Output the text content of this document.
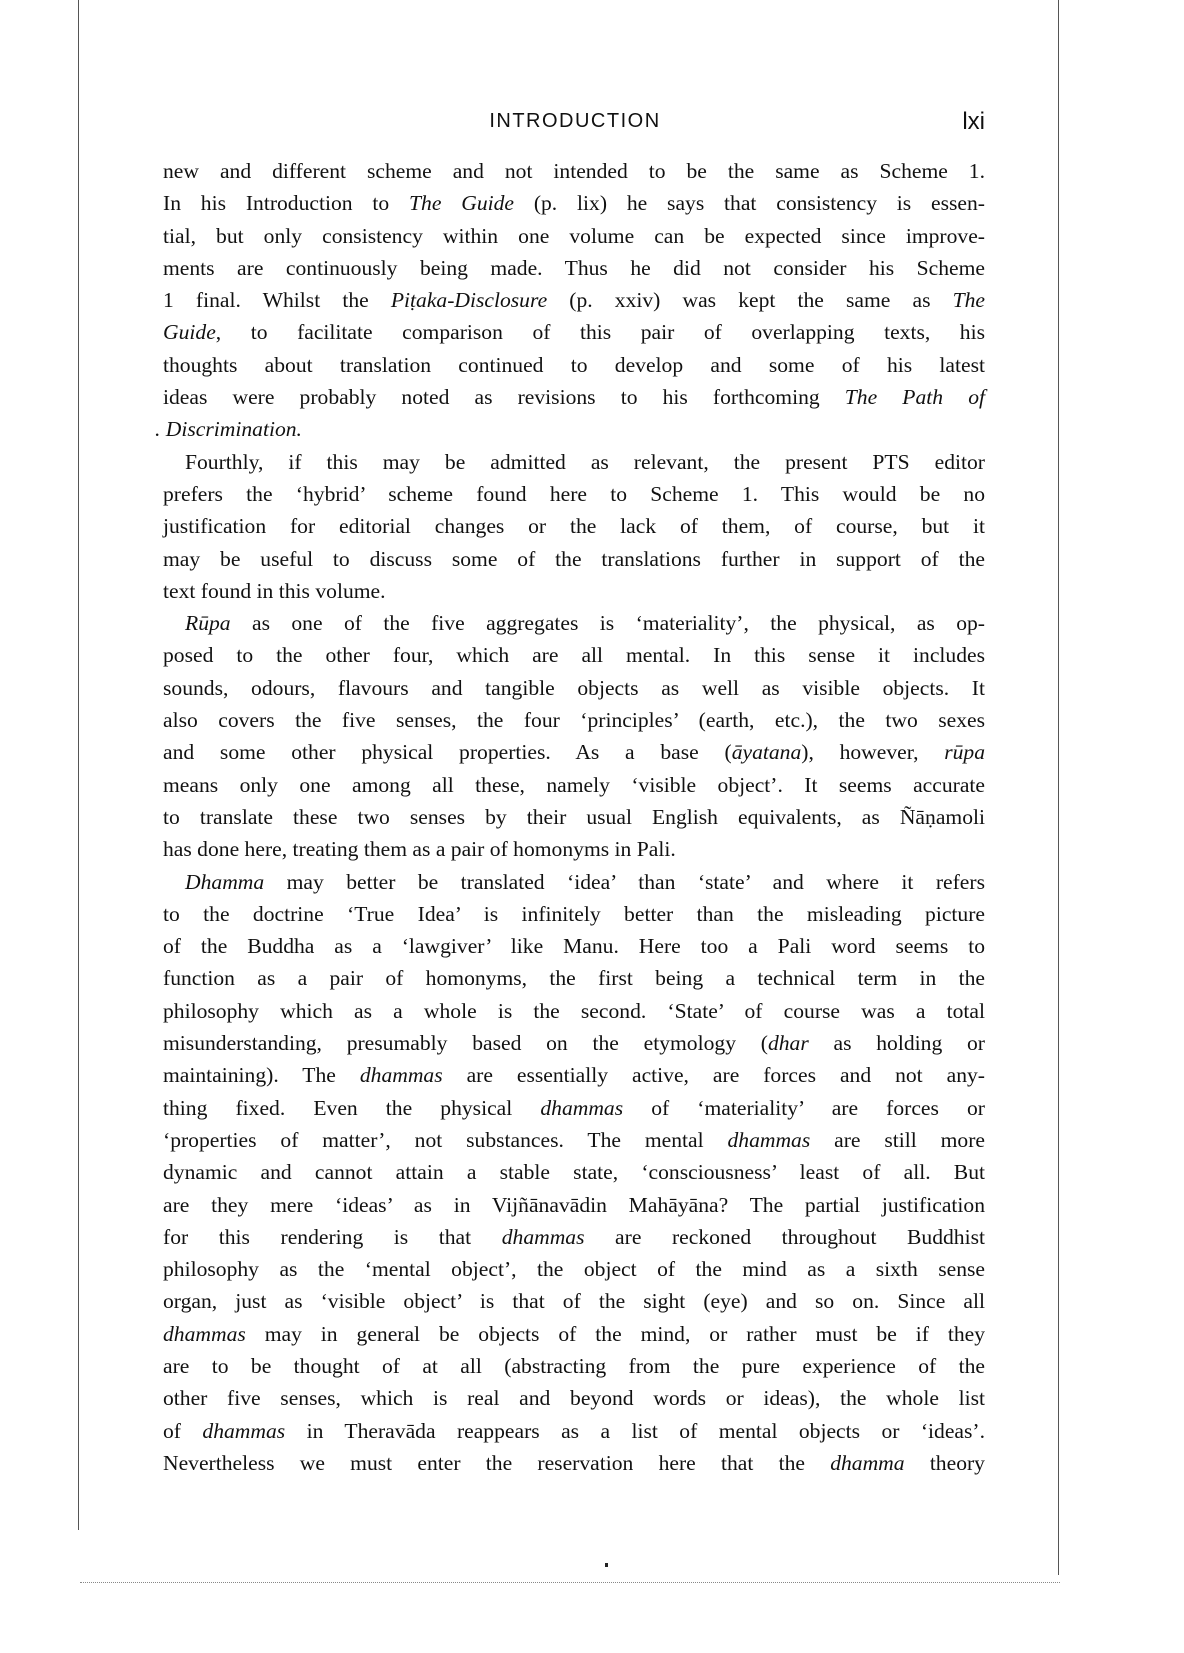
INTRODUCTION	lxi
new and different scheme and not intended to be the same as Scheme 1.
In his Introduction to The Guide (p. lix) he says that consistency is essen-
tial, but only consistency within one volume can be expected since improve-
ments are continuously being made. Thus he did not consider his Scheme
1 final. Whilst the Piṭaka-Disclosure (p. xxiv) was kept the same as The
Guide, to facilitate comparison of this pair of overlapping texts, his
thoughts about translation continued to develop and some of his latest
ideas were probably noted as revisions to his forthcoming The Path of
. Discrimination.
Fourthly, if this may be admitted as relevant, the present PTS editor
prefers the ‘hybrid’ scheme found here to Scheme 1. This would be no
justification for editorial changes or the lack of them, of course, but it
may be useful to discuss some of the translations further in support of the
text found in this volume.
Rūpa as one of the five aggregates is ‘materiality’, the physical, as op-
posed to the other four, which are all mental. In this sense it includes
sounds, odours, flavours and tangible objects as well as visible objects. It
also covers the five senses, the four ‘principles’ (earth, etc.), the two sexes
and some other physical properties. As a base (āyatana), however, rūpa
means only one among all these, namely ‘visible object’. It seems accurate
to translate these two senses by their usual English equivalents, as Ñāṇamoli
has done here, treating them as a pair of homonyms in Pali.
Dhamma may better be translated ‘idea’ than ‘state’ and where it refers
to the doctrine ‘True Idea’ is infinitely better than the misleading picture
of the Buddha as a ‘lawgiver’ like Manu. Here too a Pali word seems to
function as a pair of homonyms, the first being a technical term in the
philosophy which as a whole is the second. ‘State’ of course was a total
misunderstanding, presumably based on the etymology (dhar as holding or
maintaining). The dhammas are essentially active, are forces and not any-
thing fixed. Even the physical dhammas of ‘materiality’ are forces or
‘properties of matter’, not substances. The mental dhammas are still more
dynamic and cannot attain a stable state, ‘consciousness’ least of all. But
are they mere ‘ideas’ as in Vijñānavādin Mahāyāna? The partial justification
for this rendering is that dhammas are reckoned throughout Buddhist
philosophy as the ‘mental object’, the object of the mind as a sixth sense
organ, just as ‘visible object’ is that of the sight (eye) and so on. Since all
dhammas may in general be objects of the mind, or rather must be if they
are to be thought of at all (abstracting from the pure experience of the
other five senses, which is real and beyond words or ideas), the whole list
of dhammas in Theravāda reappears as a list of mental objects or ‘ideas’.
Nevertheless we must enter the reservation here that the dhamma theory
